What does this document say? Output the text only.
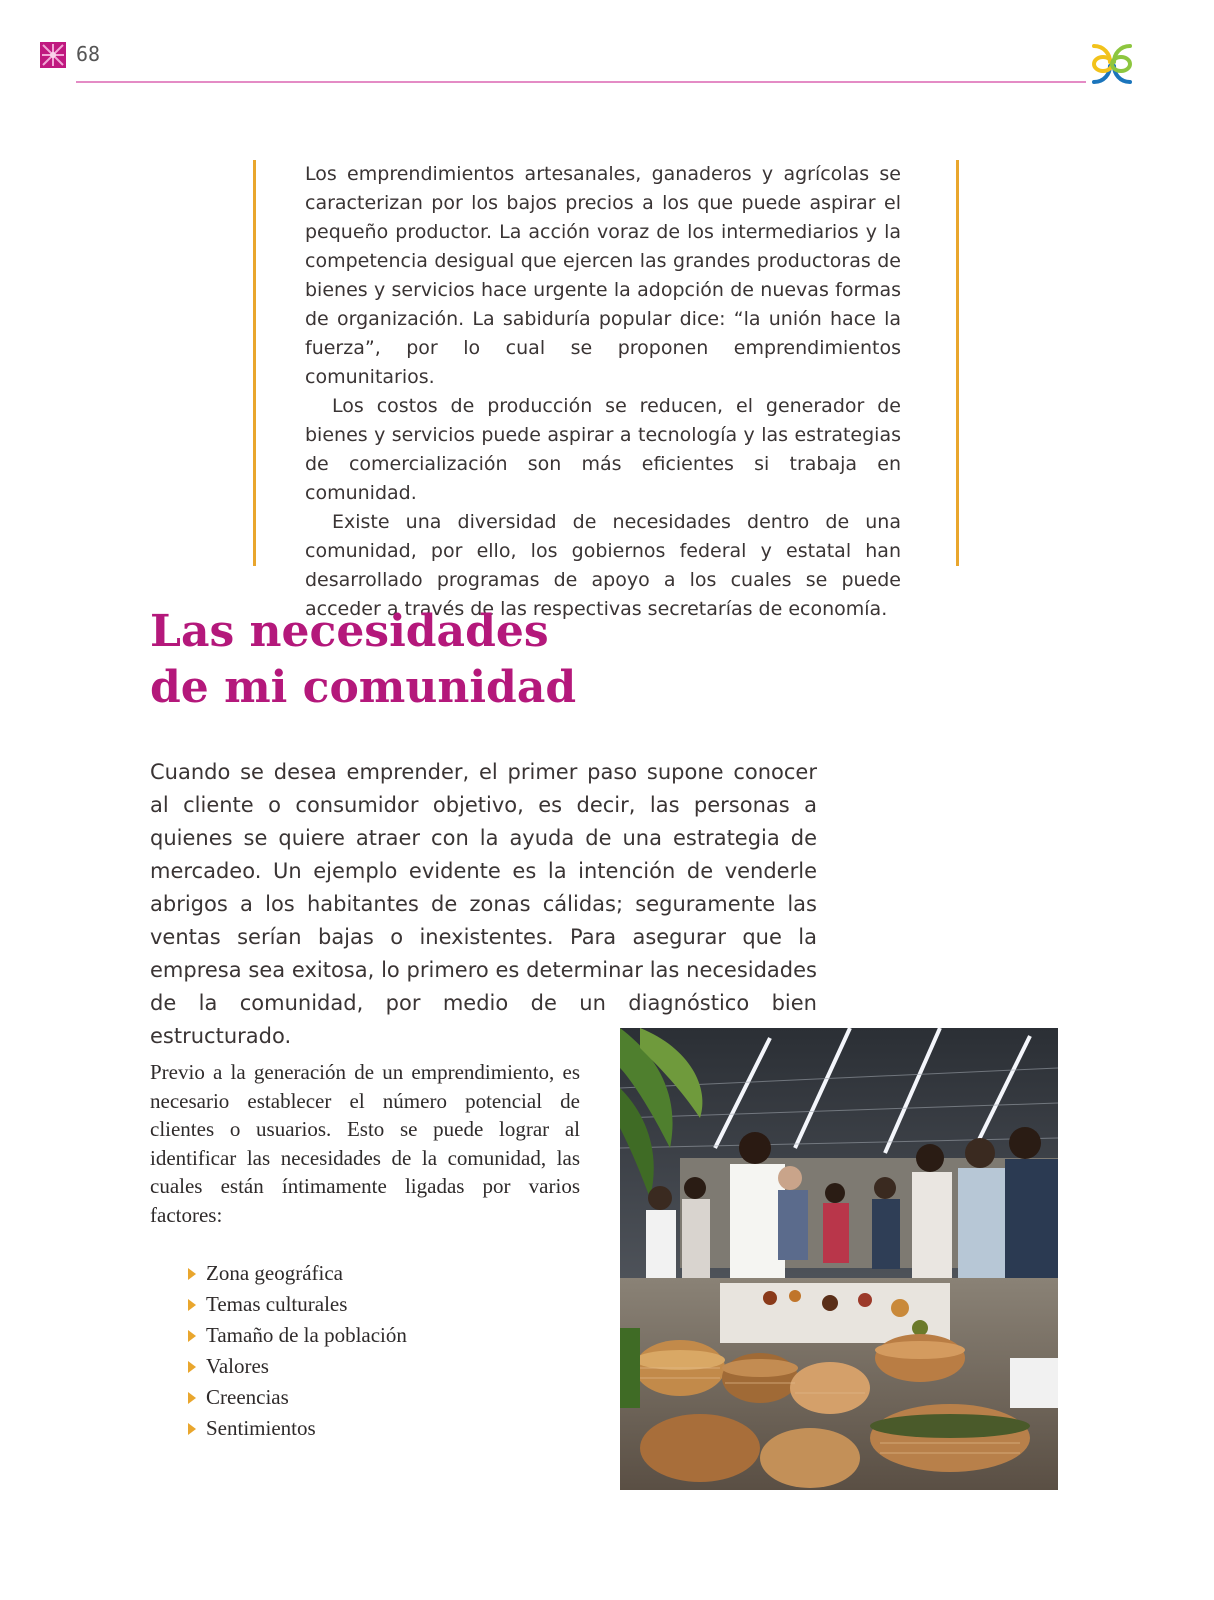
68

Los emprendimientos artesanales, ganaderos y agrícolas se caracterizan por los bajos precios a los que puede aspirar el pequeño productor. La acción voraz de los intermediarios y la competencia desigual que ejercen las grandes productoras de bienes y servicios hace urgente la adopción de nuevas formas de organización. La sabiduría popular dice: “la unión hace la fuerza”, por lo cual se proponen emprendimientos comunitarios.

Los costos de producción se reducen, el generador de bienes y servicios puede aspirar a tecnología y las estrategias de comercialización son más eficientes si trabaja en comunidad.

Existe una diversidad de necesidades dentro de una comunidad, por ello, los gobiernos federal y estatal han desarrollado programas de apoyo a los cuales se puede acceder a través de las respectivas secretarías de economía.

Las necesidades
de mi comunidad

Cuando se desea emprender, el primer paso supone conocer al cliente o consumidor objetivo, es decir, las personas a quienes se quiere atraer con la ayuda de una estrategia de mercadeo. Un ejemplo evidente es la intención de venderle abrigos a los habitantes de zonas cálidas; seguramente las ventas serían bajas o inexistentes. Para asegurar que la empresa sea exitosa, lo primero es determinar las necesidades de la comunidad, por medio de un diagnóstico bien estructurado.

Previo a la generación de un emprendimiento, es necesario establecer el número potencial de clientes o usuarios. Esto se puede lograr al identificar las necesidades de la comunidad, las cuales están íntimamente ligadas por varios factores:

Zona geográfica
Temas culturales
Tamaño de la población
Valores
Creencias
Sentimientos
